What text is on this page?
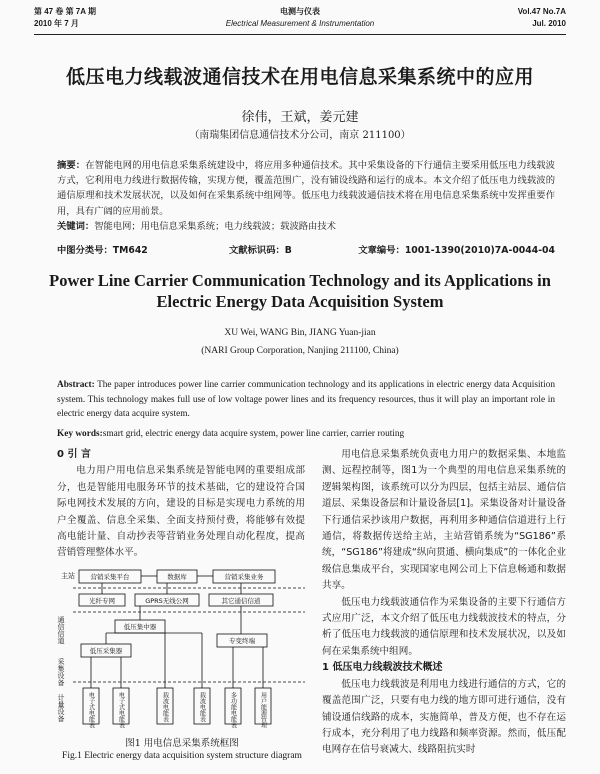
第 47 卷 第 7A 期
2010 年 7 月
电测与仪表
Electrical Measurement & Instrumentation
Vol.47 No.7A
Jul. 2010
低压电力线载波通信技术在用电信息采集系统中的应用
徐伟，王斌，姜元建
（南瑞集团信息通信技术分公司，南京 211100）
摘要：在智能电网的用电信息采集系统建设中，将应用多种通信技术。其中采集设备的下行通信主要采用低压电力线载波方式，它利用电力线进行数据传输，实现方便，覆盖范围广，没有铺设线路和运行的成本。本文介绍了低压电力线载波的通信原理和技术发展状况，以及如何在采集系统中组网等。低压电力线载波通信技术将在用电信息采集系统中发挥重要作用，具有广阔的应用前景。
关键词：智能电网；用电信息采集系统；电力线载波；载波路由技术
中图分类号：TM642	文献标识码：B	文章编号：1001-1390(2010)7A-0044-04
Power Line Carrier Communication Technology and its Applications in Electric Energy Data Acquisition System
XU Wei, WANG Bin, JIANG Yuan-jian
(NARI Group Corporation, Nanjing 211100, China)
Abstract: The paper introduces power line carrier communication technology and its applications in electric energy data Acquisition system. This technology makes full use of low voltage power lines and its frequency resources, thus it will play an important role in electric energy data acquire system.
Key words:smart grid, electric energy data acquire system, power line carrier, carrier routing
0 引 言

电力用户用电信息采集系统是智能电网的重要组成部分，也是智能用电服务环节的技术基础，它的建设符合国际电网技术发展的方向，建设的目标是实现电力系统的用户全覆盖、信息全采集、全面支持预付费，将能够有效提高电能计量、自动抄表等营销业务处理自动化程度，提高营销管理整体水平。

主站
通信信道
采集设备
计量设备
营销采集平台	数据库	营销采集业务
光纤专网	GPRS无线公网	其它通信信道
低压集中器
低压采集器
专变终端
电子式电能表	电子式电能表	载波电能表	载波电能表	多功能电能表	用户能源管理
图1 用电信息采集系统框图
Fig.1 Electric energy data acquisition system structure diagram

用电信息采集系统负责电力用户的数据采集、本地监测、远程控制等，图1为一个典型的用电信息采集系统的逻辑架构图，该系统可以分为四层，包括主站层、通信信道层、采集设备层和计量设备层[1]。采集设备对计量设备下行通信采抄该用户数据，再利用多种通信信道进行上行通信，将数据传送给主站，主站营销系统为“SG186”系统，“SG186”将建成“纵向贯通、横向集成”的一体化企业级信息集成平台，实现国家电网公司上下信息畅通和数据共享。

低压电力线载波通信作为采集设备的主要下行通信方式应用广泛，本文介绍了低压电力线载波技术的特点，分析了低压电力线载波的通信原理和技术发展状况，以及如何在采集系统中组网。

1 低压电力线载波技术概述

低压电力线载波是利用电力线进行通信的方式，它的覆盖范围广泛，只要有电力线的地方即可进行通信，没有铺设通信线路的成本，实施简单，普及方便，也不存在运行成本，充分利用了电力线路和频率资源。然而，低压配电网存在信号衰减大、线路阻抗实时
